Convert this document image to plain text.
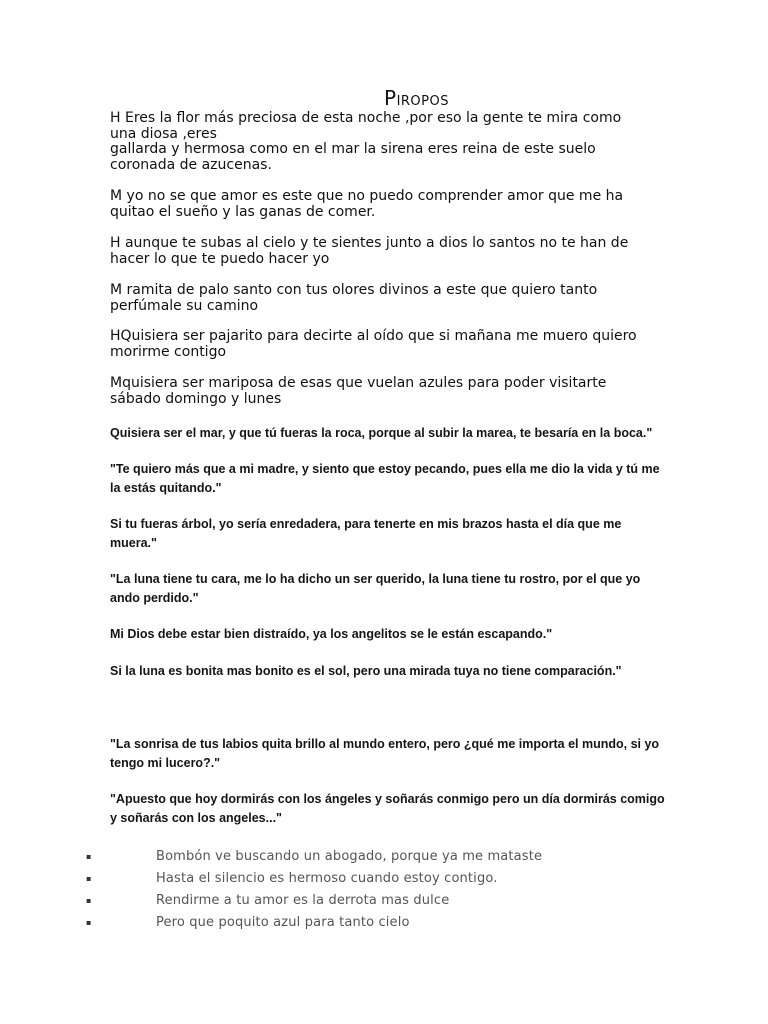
PIROPOS

H Eres la flor más preciosa de esta noche ,por eso la gente te mira como
una diosa ,eres
gallarda y hermosa como en el mar la sirena eres reina de este suelo
coronada de azucenas.

M yo no se que amor es este que no puedo comprender amor que me ha
quitao el sueño y las ganas de comer.

H aunque te subas al cielo y te sientes junto a dios lo santos no te han de
hacer lo que te puedo hacer yo

M ramita de palo santo con tus olores divinos a este que quiero tanto
perfúmale su camino

HQuisiera ser pajarito para decirte al oído que si mañana me muero quiero
morirme contigo

Mquisiera ser mariposa de esas que vuelan azules para poder visitarte
sábado domingo y lunes

Quisiera ser el mar, y que tú fueras la roca, porque al subir la marea, te besaría en la boca."

"Te quiero más que a mi madre, y siento que estoy pecando, pues ella me dio la vida y tú me la estás quitando."

Si tu fueras árbol, yo sería enredadera, para tenerte en mis brazos hasta el día que me muera."

"La luna tiene tu cara, me lo ha dicho un ser querido, la luna tiene tu rostro, por el que yo ando perdido."

Mi Dios debe estar bien distraído, ya los angelitos se le están escapando."

Si la luna es bonita mas bonito es el sol, pero una mirada tuya no tiene comparación."

"La sonrisa de tus labios quita brillo al mundo entero, pero ¿qué me importa el mundo, si yo tengo mi lucero?."

"Apuesto que hoy dormirás con los ángeles y soñarás conmigo pero un día dormirás comigo y soñarás con los angeles..."

▪	Bombón ve buscando un abogado, porque ya me mataste
▪	Hasta el silencio es hermoso cuando estoy contigo.
▪	Rendirme a tu amor es la derrota mas dulce
▪	Pero que poquito azul para tanto cielo
